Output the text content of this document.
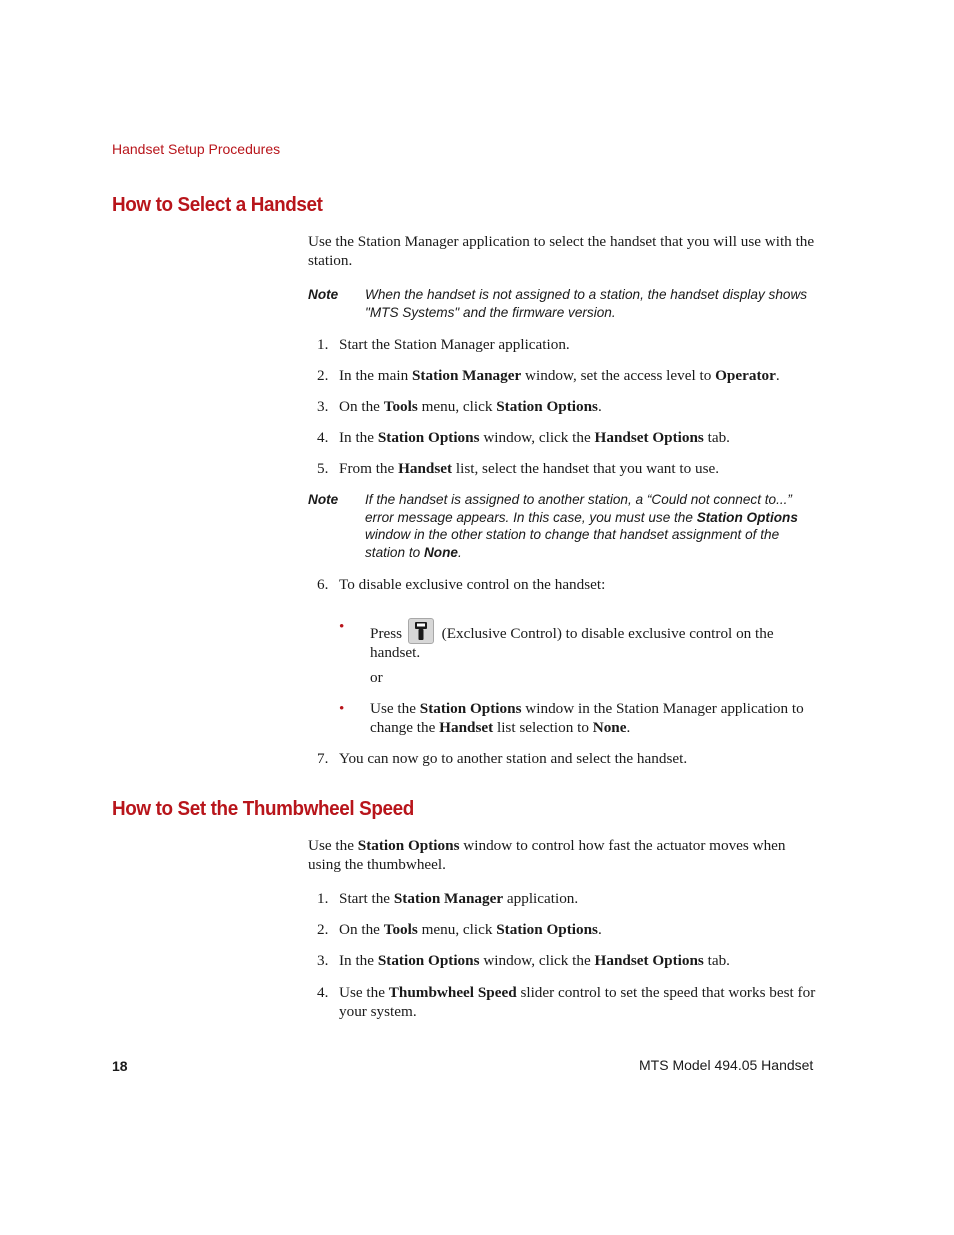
Handset Setup Procedures
How to Select a Handset
Use the Station Manager application to select the handset that you will use with the station.
Note When the handset is not assigned to a station, the handset display shows "MTS Systems" and the firmware version.
1. Start the Station Manager application.
2. In the main Station Manager window, set the access level to Operator.
3. On the Tools menu, click Station Options.
4. In the Station Options window, click the Handset Options tab.
5. From the Handset list, select the handset that you want to use.
Note If the handset is assigned to another station, a “Could not connect to...” error message appears. In this case, you must use the Station Options window in the other station to change that handset assignment of the station to None.
6. To disable exclusive control on the handset:
• Press	(Exclusive Control) to disable exclusive control on the handset.
or
• Use the Station Options window in the Station Manager application to change the Handset list selection to None.
7. You can now go to another station and select the handset.
How to Set the Thumbwheel Speed
Use the Station Options window to control how fast the actuator moves when using the thumbwheel.
1. Start the Station Manager application.
2. On the Tools menu, click Station Options.
3. In the Station Options window, click the Handset Options tab.
4. Use the Thumbwheel Speed slider control to set the speed that works best for your system.
18	MTS Model 494.05 Handset
